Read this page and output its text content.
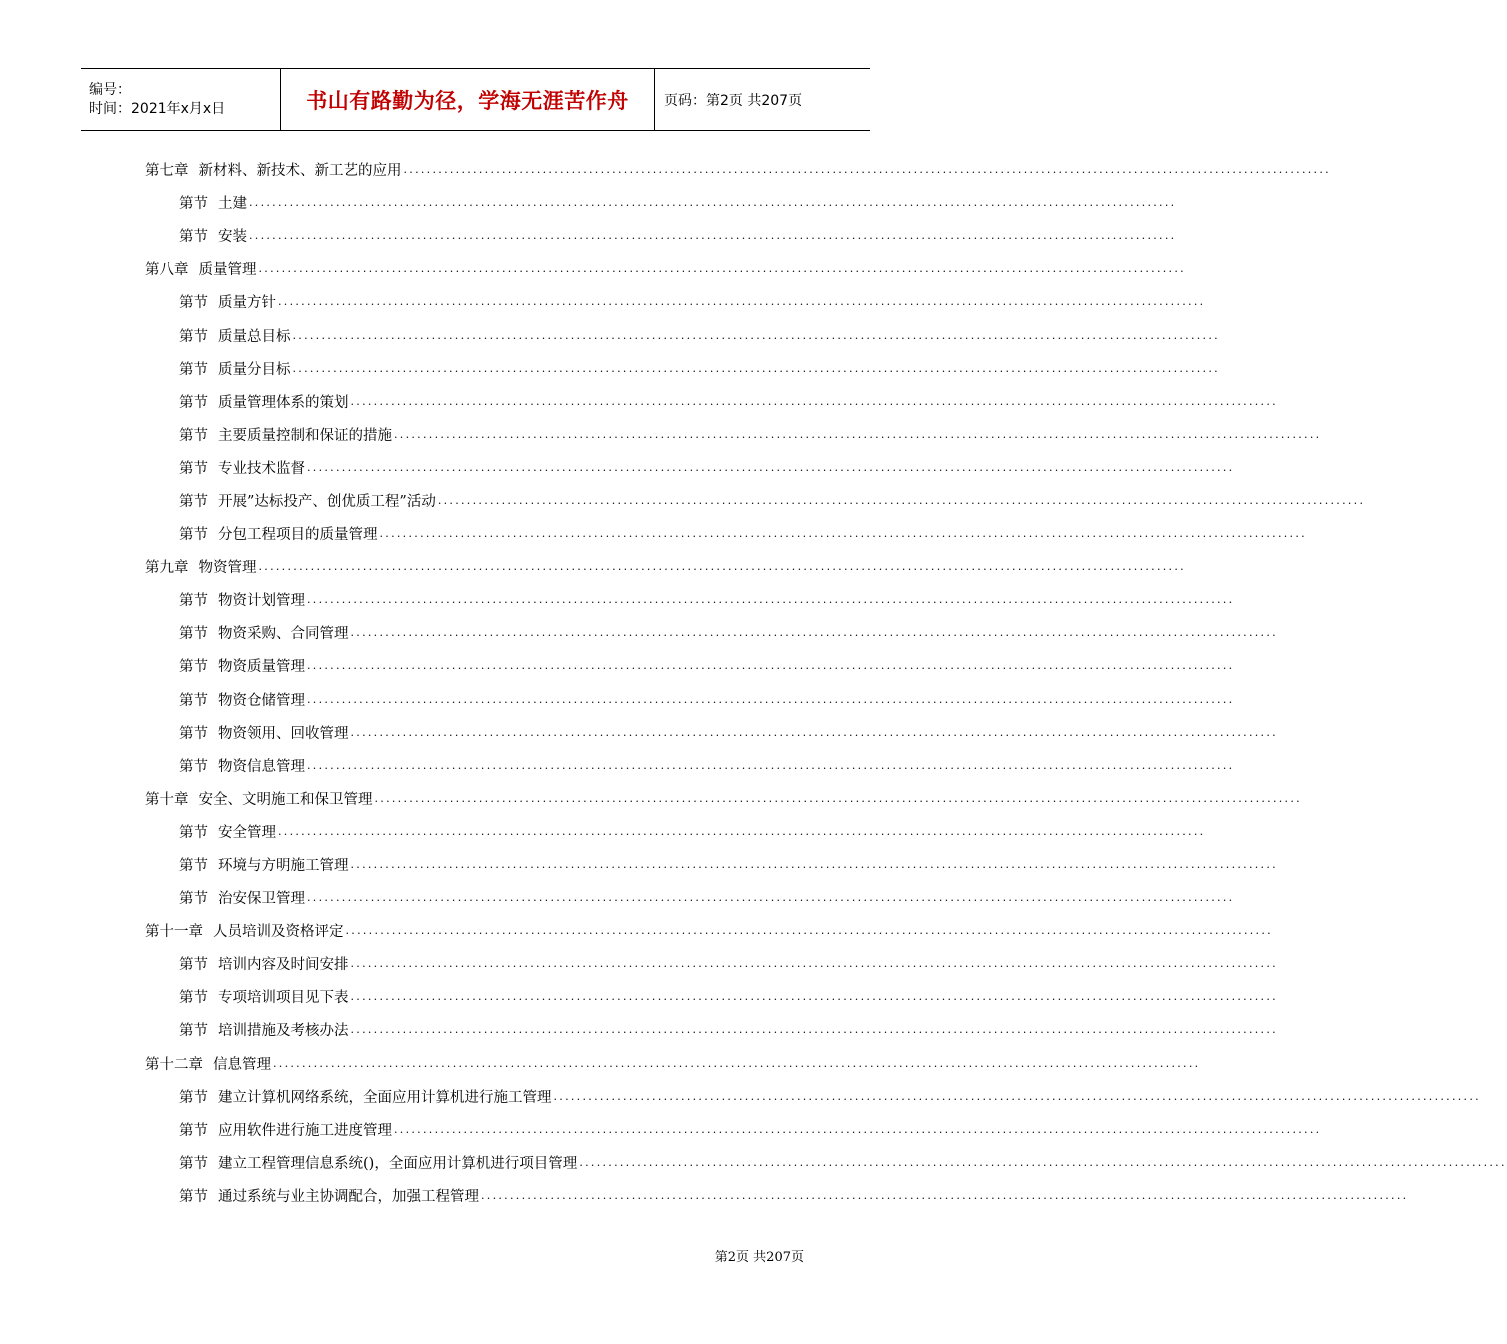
编号：
时间：2021年x月x日	书山有路勤为径，学海无涯苦作舟	页码：第2页 共207页
第七章 新材料、新技术、新工艺的应用 ................................................................................................................................................................
第节 土建 ................................................................................................................................................................
第节 安装 ................................................................................................................................................................
第八章 质量管理 ................................................................................................................................................................
第节 质量方针 ................................................................................................................................................................
第节 质量总目标 ................................................................................................................................................................
第节 质量分目标 ................................................................................................................................................................
第节 质量管理体系的策划 ................................................................................................................................................................
第节 主要质量控制和保证的措施 ................................................................................................................................................................
第节 专业技术监督 ................................................................................................................................................................
第节 开展”达标投产、创优质工程”活动 ................................................................................................................................................................
第节 分包工程项目的质量管理 ................................................................................................................................................................
第九章 物资管理 ................................................................................................................................................................
第节 物资计划管理 ................................................................................................................................................................
第节 物资采购、合同管理 ................................................................................................................................................................
第节 物资质量管理 ................................................................................................................................................................
第节 物资仓储管理 ................................................................................................................................................................
第节 物资领用、回收管理 ................................................................................................................................................................
第节 物资信息管理 ................................................................................................................................................................
第十章 安全、文明施工和保卫管理 ................................................................................................................................................................
第节 安全管理 ................................................................................................................................................................
第节 环境与方明施工管理 ................................................................................................................................................................
第节 治安保卫管理 ................................................................................................................................................................
第十一章 人员培训及资格评定 ................................................................................................................................................................
第节 培训内容及时间安排 ................................................................................................................................................................
第节 专项培训项目见下表 ................................................................................................................................................................
第节 培训措施及考核办法 ................................................................................................................................................................
第十二章 信息管理 ................................................................................................................................................................
第节 建立计算机网络系统，全面应用计算机进行施工管理 ................................................................................................................................................................
第节 应用软件进行施工进度管理 ................................................................................................................................................................
第节 建立工程管理信息系统()，全面应用计算机进行项目管理 ................................................................................................................................................................
第节 通过系统与业主协调配合，加强工程管理 ................................................................................................................................................................
第2页 共207页
